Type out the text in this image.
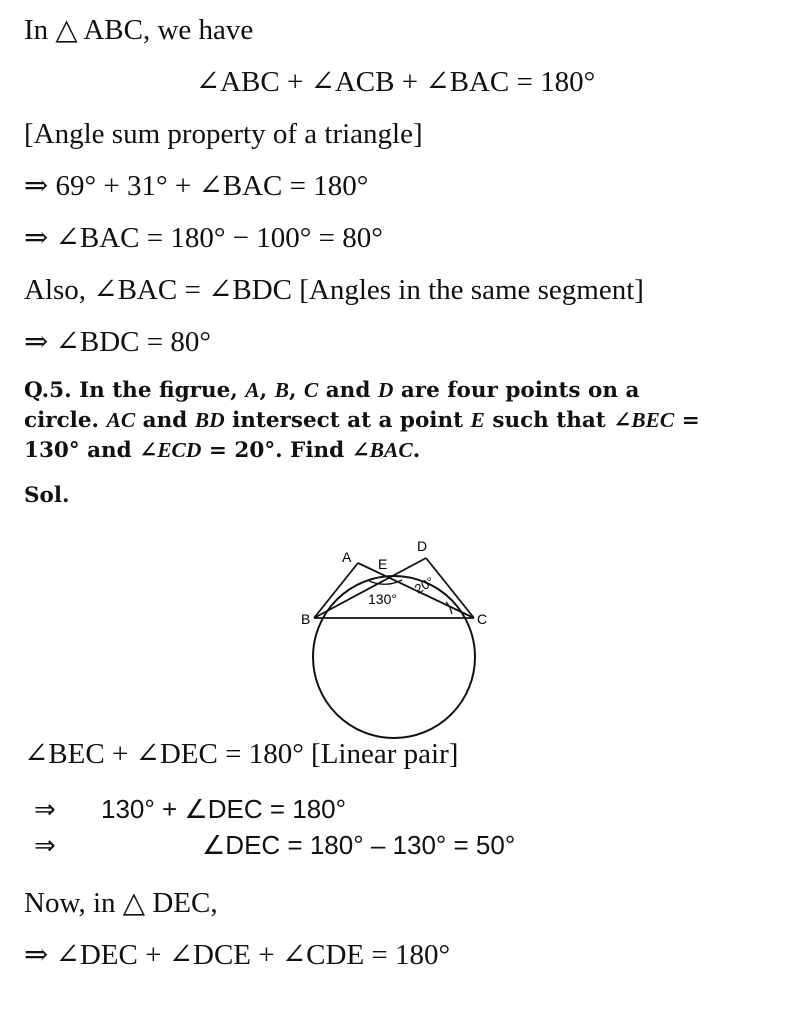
In △ ABC, we have
∠ABC + ∠ACB + ∠BAC = 180°
[Angle sum property of a triangle]
⇒ 69° + 31° + ∠BAC = 180°
⇒ ∠BAC = 180° − 100° = 80°
Also, ∠BAC = ∠BDC [Angles in the same segment]
⇒ ∠BDC = 80°
Q.5. In the figrue, A, B, C and D are four points on a
circle. AC and BD intersect at a point E such that ∠BEC =
130° and ∠ECD = 20°. Find ∠BAC.
Sol.
A
D
E
B	C
130°
20°
∠BEC + ∠DEC = 180° [Linear pair]
⇒ 130° + ∠DEC = 180°
⇒	∠DEC = 180° – 130° = 50°
Now, in △ DEC,
⇒ ∠DEC + ∠DCE + ∠CDE = 180°
